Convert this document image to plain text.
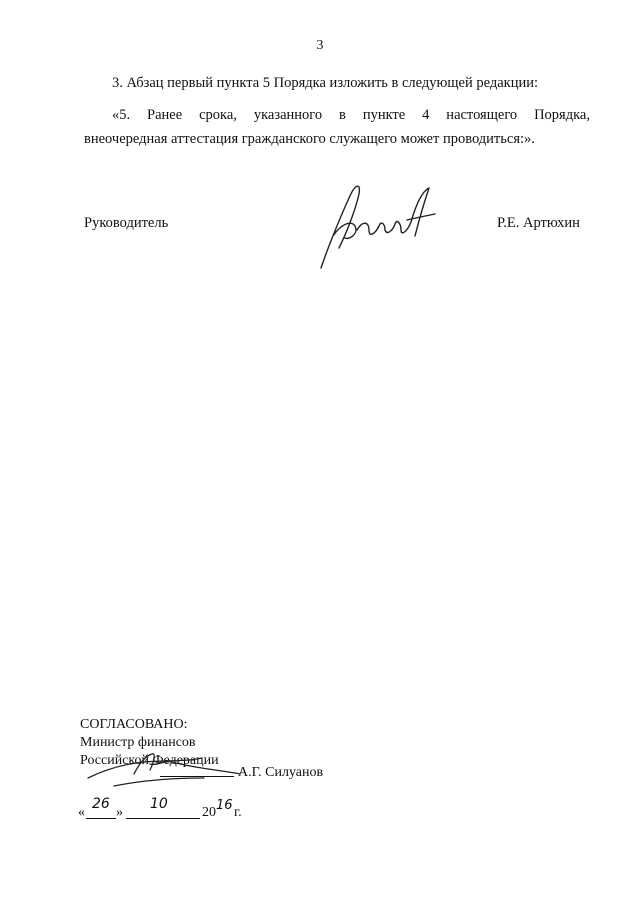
3
3. Абзац первый пункта 5 Порядка изложить в следующей редакции:
«5. Ранее срока, указанного в пункте 4 настоящего Порядка,
внеочередная аттестация гражданского служащего может проводиться:».
Руководитель	Р.Е. Артюхин
СОГЛАСОВАНО:
Министр финансов
Российской Федерации
А.Г. Силуанов
«
26
»
10
20 16 г.
